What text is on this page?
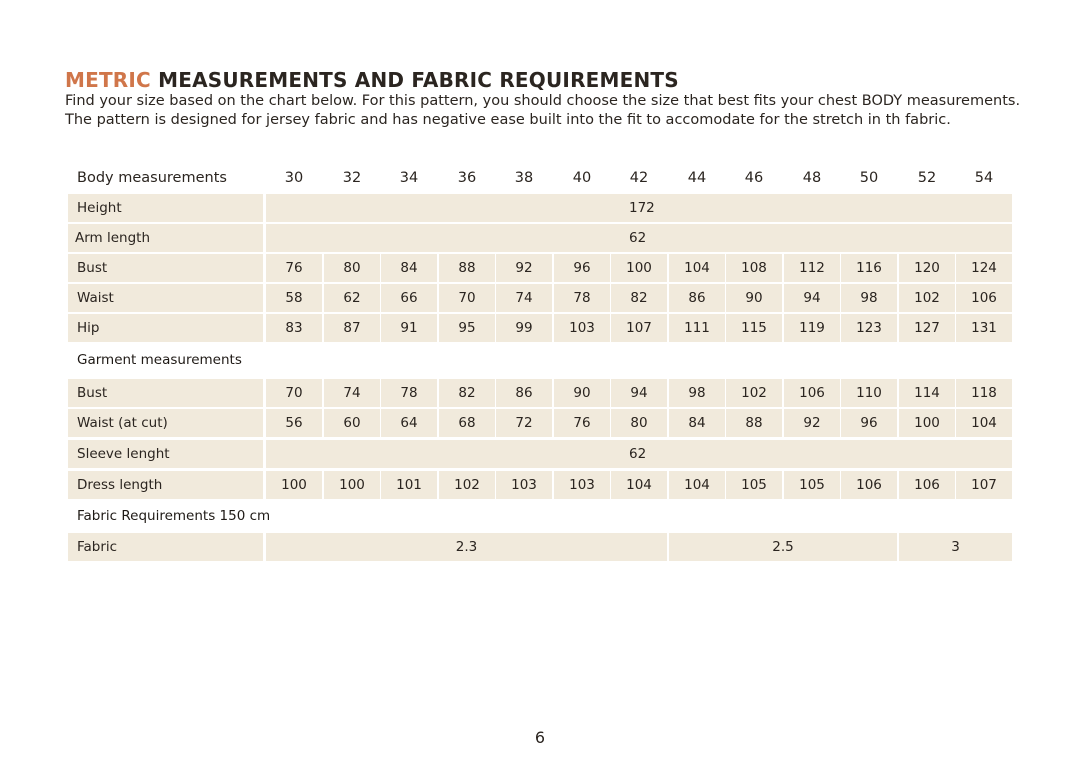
METRIC MEASUREMENTS AND FABRIC REQUIREMENTS

Find your size based on the chart below. For this pattern, you should choose the size that best fits your chest BODY measurements.

The pattern is designed for jersey fabric and has negative ease built into the fit to accomodate for the stretch in th fabric.

Body measurements	30	32	34	36	38	40	42	44	46	48	50	52	54
Height	172
Arm length	62
Bust	76	80	84	88	92	96	100	104	108	112	116	120	124
Waist	58	62	66	70	74	78	82	86	90	94	98	102	106
Hip	83	87	91	95	99	103	107	111	115	119	123	127	131
Garment measurements
Bust	70	74	78	82	86	90	94	98	102	106	110	114	118
Waist (at cut)	56	60	64	68	72	76	80	84	88	92	96	100	104
Sleeve lenght	62
Dress length	100	100	101	102	103	103	104	104	105	105	106	106	107
Fabric Requirements 150 cm
Fabric	2.3	2.5	3
6
